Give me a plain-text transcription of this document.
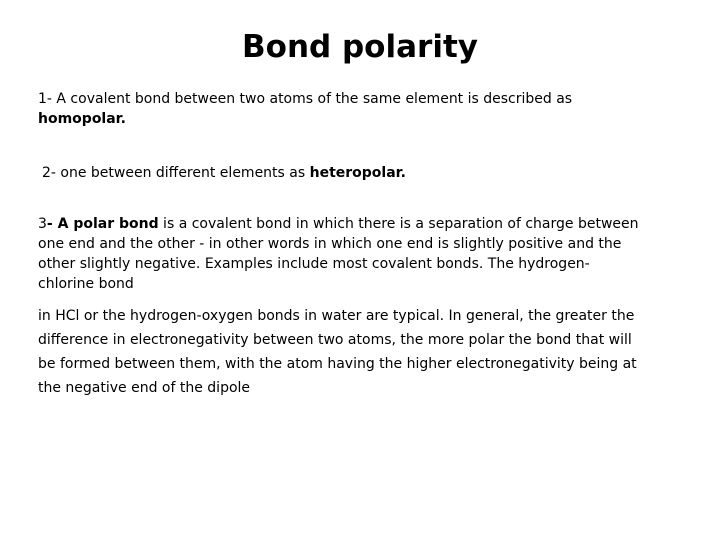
Bond polarity

1- A covalent bond between two atoms of the same element is described as
homopolar.

2- one between different elements as heteropolar.

3- A polar bond is a covalent bond in which there is a separation of charge between
one end and the other - in other words in which one end is slightly positive and the
other slightly negative. Examples include most covalent bonds. The hydrogen-
chlorine bond

in HCl or the hydrogen-oxygen bonds in water are typical. In general, the greater the
difference in electronegativity between two atoms, the more polar the bond that will
be formed between them, with the atom having the higher electronegativity being at
the negative end of the dipole
